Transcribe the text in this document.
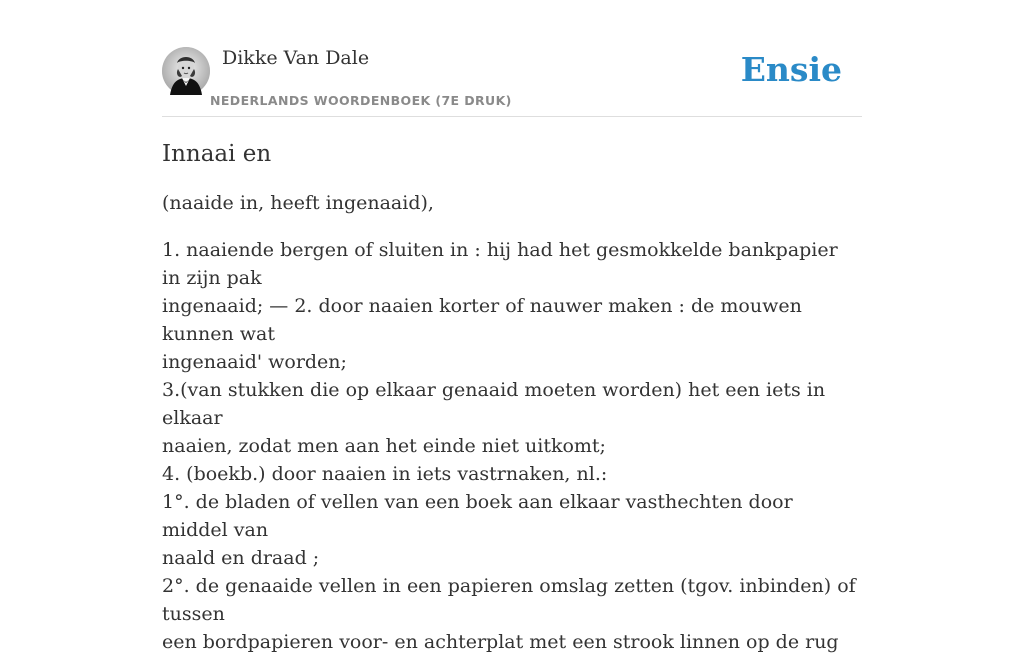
Dikke Van Dale
NEDERLANDS WOORDENBOEK (7E DRUK)
Ensie
Innaai en

(naaide in, heeft ingenaaid),

1. naaiende bergen of sluiten in : hij had het gesmokkelde bankpapier in zijn pak
ingenaaid; — 2. door naaien korter of nauwer maken : de mouwen kunnen wat
ingenaaid' worden;
3.(van stukken die op elkaar genaaid moeten worden) het een iets in elkaar
naaien, zodat men aan het einde niet uitkomt;
4. (boekb.) door naaien in iets vastrnaken, nl.:
1°. de bladen of vellen van een boek aan elkaar vasthechten door middel van
naald en draad ;
2°. de genaaide vellen in een papieren omslag zetten (tgov. inbinden) of tussen
een bordpapieren voor- en achterplat met een strook linnen op de rug
